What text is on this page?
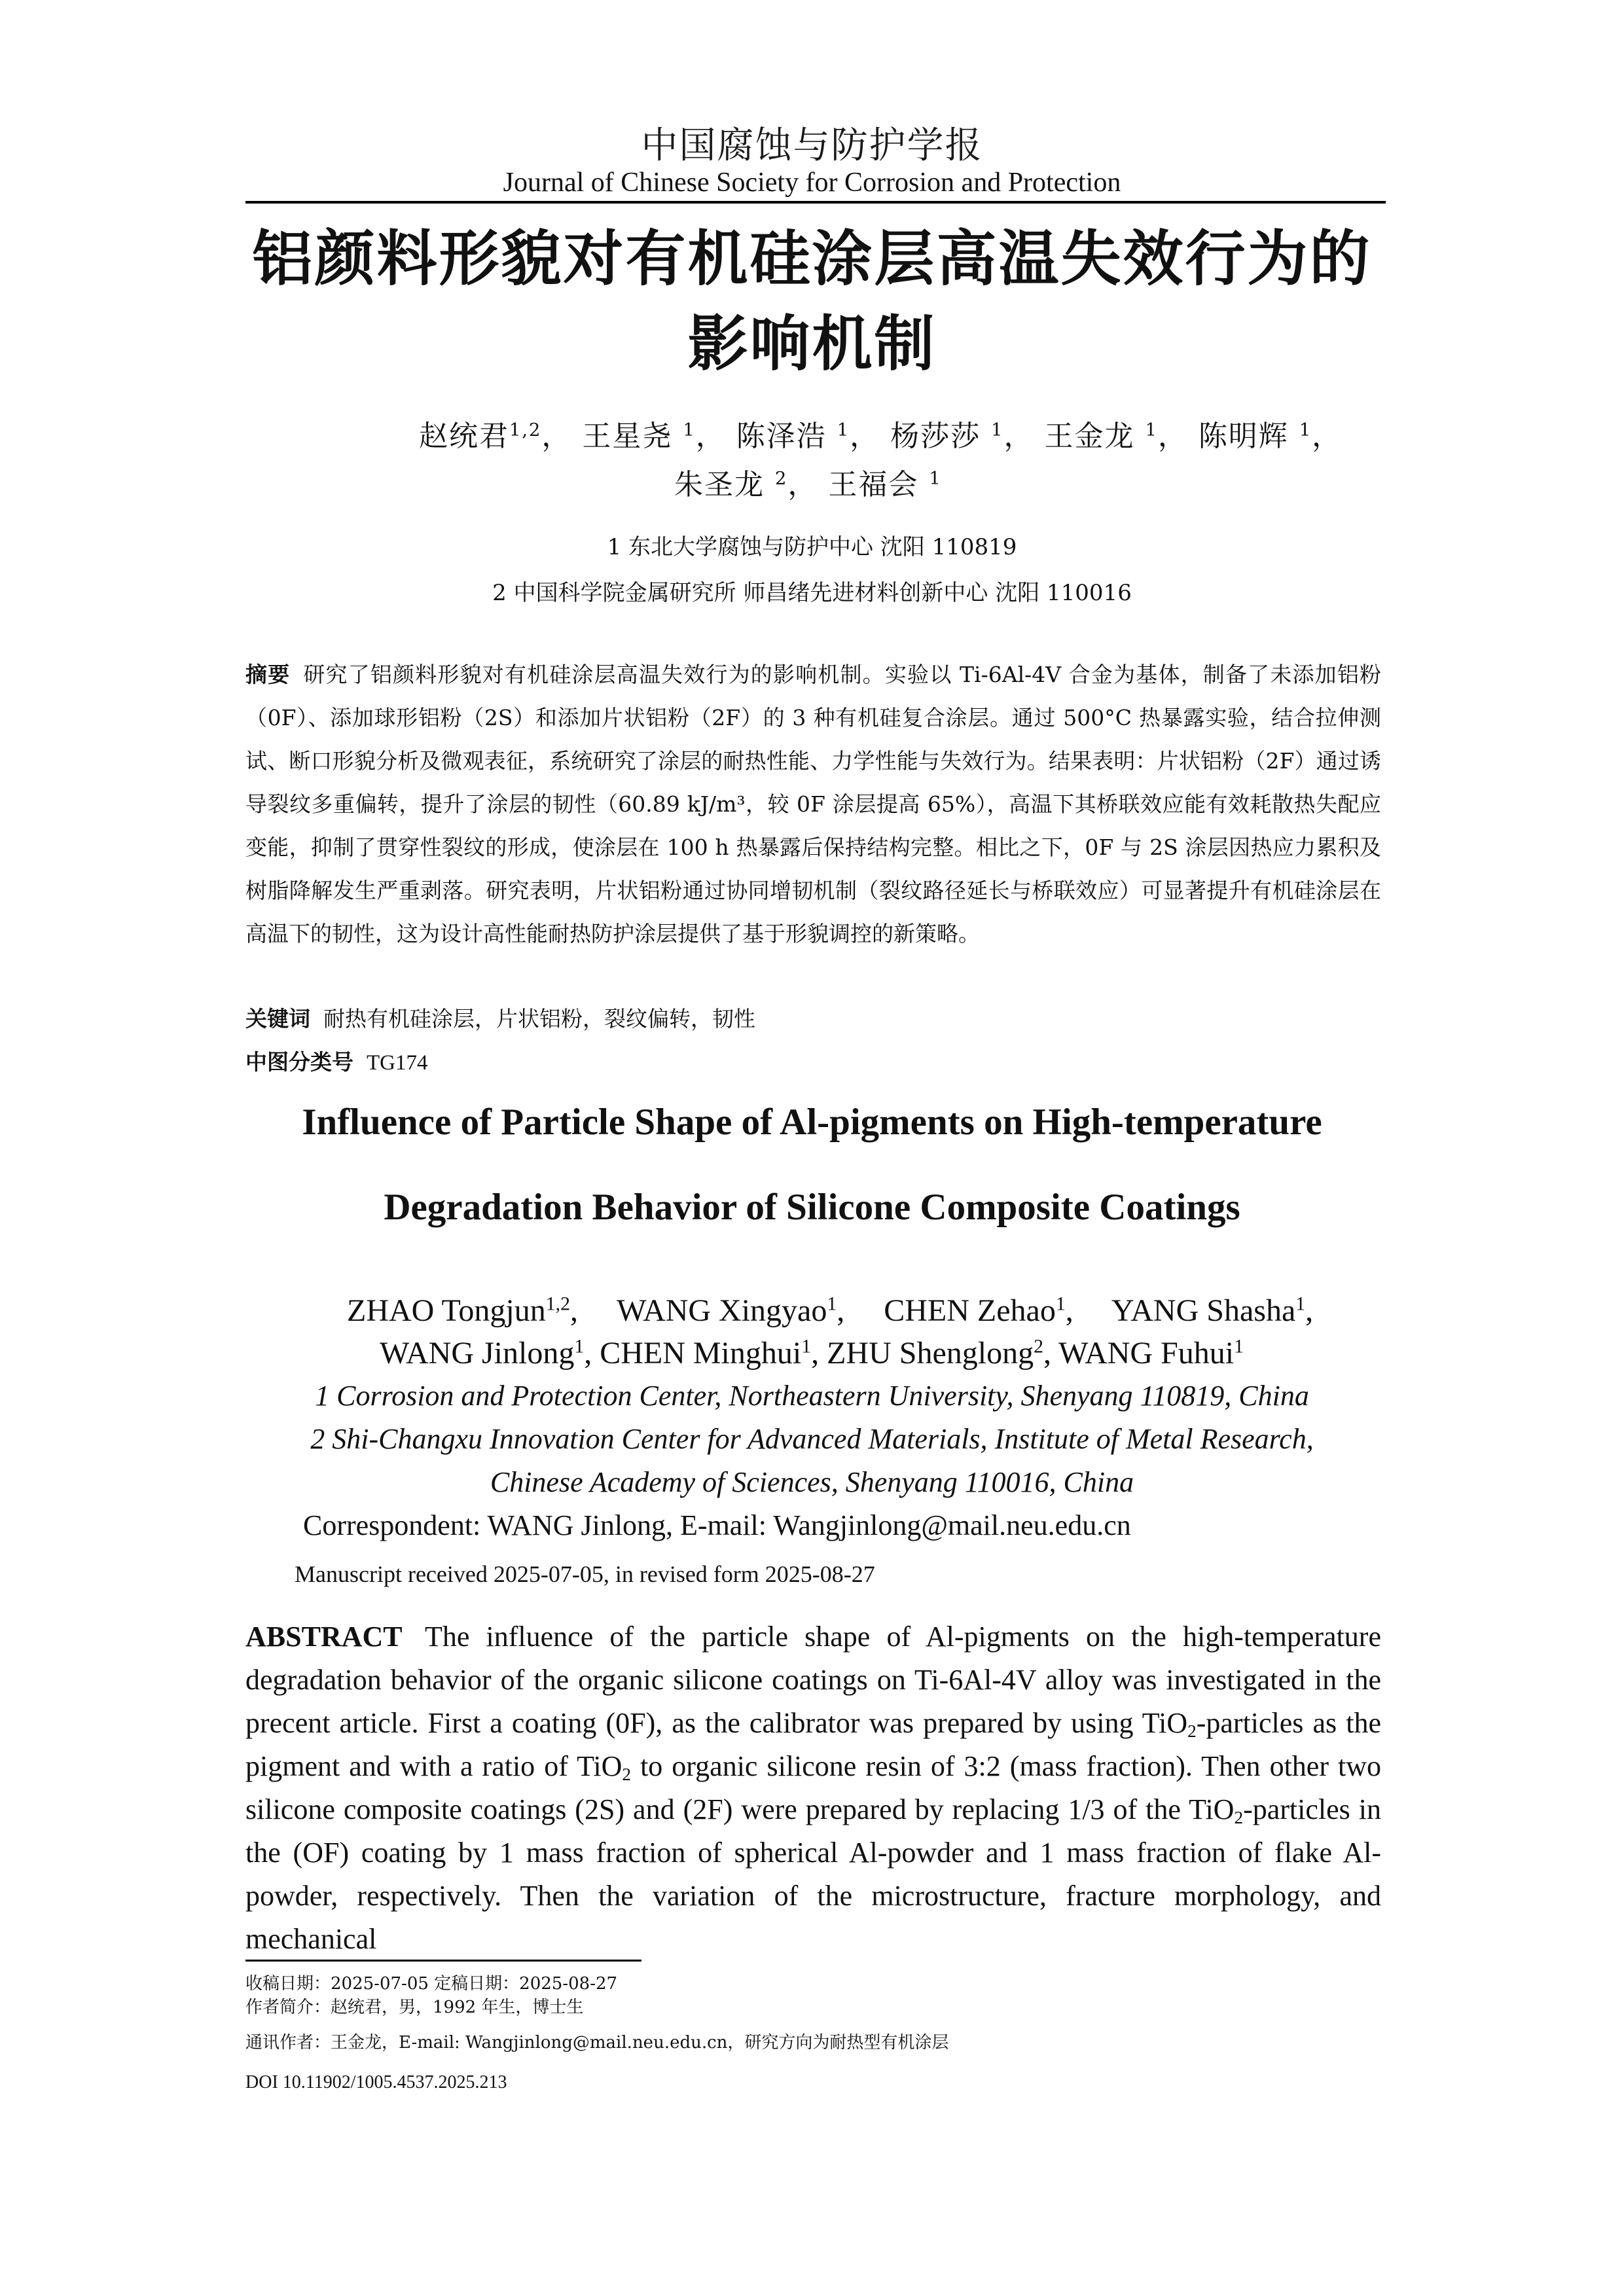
中国腐蚀与防护学报
Journal of Chinese Society for Corrosion and Protection
铝颜料形貌对有机硅涂层高温失效行为的
影响机制
赵统君$^{1,2}$， 王星尧 $^1$， 陈泽浩 $^1$， 杨莎莎 $^1$， 王金龙 $^1$， 陈明辉 $^1$，
朱圣龙 $^2$， 王福会 $^1$
1 东北大学腐蚀与防护中心 沈阳 110819
2 中国科学院金属研究所 师昌绪先进材料创新中心 沈阳 110016
摘要 研究了铝颜料形貌对有机硅涂层高温失效行为的影响机制。实验以 Ti-6Al-4V 合金为基体，制备了未添加铝粉（0F）、添加球形铝粉（2S）和添加片状铝粉（2F）的 3 种有机硅复合涂层。通过 500°C 热暴露实验，结合拉伸测试、断口形貌分析及微观表征，系统研究了涂层的耐热性能、力学性能与失效行为。结果表明：片状铝粉（2F）通过诱导裂纹多重偏转，提升了涂层的韧性（60.89 kJ/m³，较 0F 涂层提高 65%），高温下其桥联效应能有效耗散热失配应变能，抑制了贯穿性裂纹的形成，使涂层在 100 h 热暴露后保持结构完整。相比之下，0F 与 2S 涂层因热应力累积及树脂降解发生严重剥落。研究表明，片状铝粉通过协同增韧机制（裂纹路径延长与桥联效应）可显著提升有机硅涂层在高温下的韧性，这为设计高性能耐热防护涂层提供了基于形貌调控的新策略。
关键词 耐热有机硅涂层，片状铝粉，裂纹偏转，韧性
中图分类号 TG174
Influence of Particle Shape of Al-pigments on High-temperature
Degradation Behavior of Silicone Composite Coatings
ZHAO Tongjun$^{1,2}$,     WANG Xingyao$^1$,     CHEN Zehao$^1$,     YANG Shasha$^1$,
WANG Jinlong$^1$, CHEN Minghui$^1$, ZHU Shenglong$^2$, WANG Fuhui$^1$
1 Corrosion and Protection Center, Northeastern University, Shenyang 110819, China
2 Shi-Changxu Innovation Center for Advanced Materials, Institute of Metal Research,
Chinese Academy of Sciences, Shenyang 110016, China
Correspondent: WANG Jinlong, E-mail: Wangjinlong@mail.neu.edu.cn
Manuscript received 2025-07-05, in revised form 2025-08-27
ABSTRACT The influence of the particle shape of Al-pigments on the high-temperature degradation behavior of the organic silicone coatings on Ti-6Al-4V alloy was investigated in the precent article. First a coating (0F), as the calibrator was prepared by using TiO$_2$-particles as the pigment and with a ratio of TiO$_2$ to organic silicone resin of 3:2 (mass fraction). Then other two silicone composite coatings (2S) and (2F) were prepared by replacing 1/3 of the TiO$_2$-particles in the (OF) coating by 1 mass fraction of spherical Al-powder and 1 mass fraction of flake Al-powder, respectively. Then the variation of the microstructure, fracture morphology, and mechanical
收稿日期：2025-07-05 定稿日期：2025-08-27
作者简介：赵统君，男，1992 年生，博士生
通讯作者：王金龙，E-mail: Wangjinlong@mail.neu.edu.cn，研究方向为耐热型有机涂层
DOI 10.11902/1005.4537.2025.213
